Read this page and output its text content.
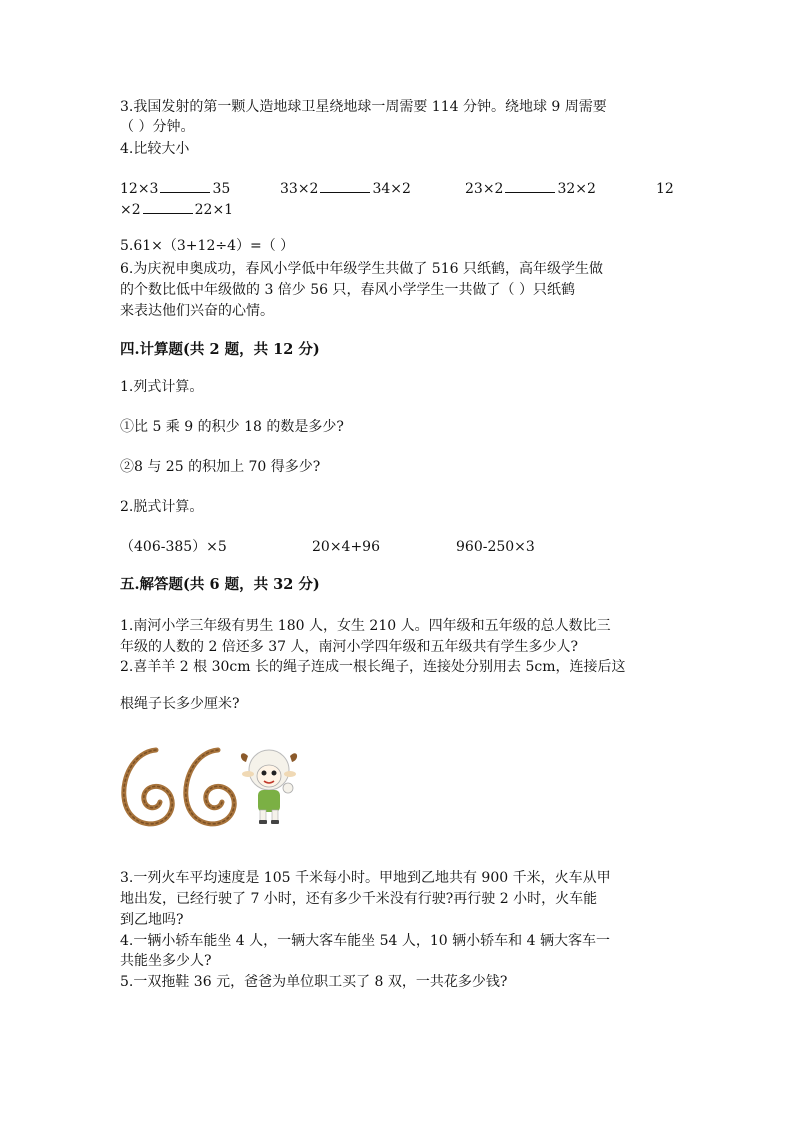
3.我国发射的第一颗人造地球卫星绕地球一周需要 114 分钟。绕地球 9 周需要

（ ）分钟。

4.比较大小

12×3	35	33×2	34×2	23×2	32×2	12
×2	22×1

5.61×（3+12÷4）=（ ）

6.为庆祝申奥成功，春风小学低中年级学生共做了 516 只纸鹤，高年级学生做

的个数比低中年级做的 3 倍少 56 只，春风小学学生一共做了（ ）只纸鹤

来表达他们兴奋的心情。

四.计算题(共 2 题，共 12 分)

1.列式计算。

①比 5 乘 9 的积少 18 的数是多少?

②8 与 25 的积加上 70 得多少?

2.脱式计算。

（406-385）×5	20×4+96	960-250×3

五.解答题(共 6 题，共 32 分)

1.南河小学三年级有男生 180 人，女生 210 人。四年级和五年级的总人数比三

年级的人数的 2 倍还多 37 人，南河小学四年级和五年级共有学生多少人?

2.喜羊羊 2 根 30cm 长的绳子连成一根长绳子，连接处分别用去 5cm，连接后这

根绳子长多少厘米?

3.一列火车平均速度是 105 千米每小时。甲地到乙地共有 900 千米，火车从甲

地出发，已经行驶了 7 小时，还有多少千米没有行驶?再行驶 2 小时，火车能

到乙地吗?

4.一辆小轿车能坐 4 人，一辆大客车能坐 54 人，10 辆小轿车和 4 辆大客车一

共能坐多少人?

5.一双拖鞋 36 元，爸爸为单位职工买了 8 双，一共花多少钱?
